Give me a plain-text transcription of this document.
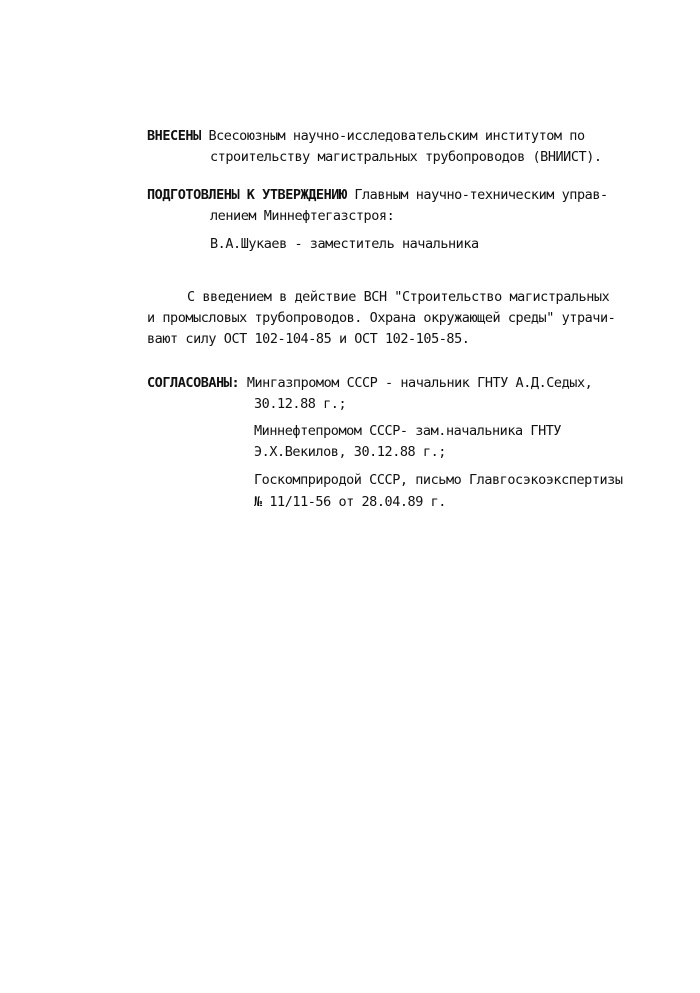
ВНЕСЕНЫ Всесоюзным научно-исследовательским институтом по
строительству магистральных трубопроводов (ВНИИСТ).
ПОДГОТОВЛЕНЫ К УТВЕРЖДЕНИЮ Главным научно-техническим управ-
лением Миннефтегазстроя:
В.А.Шукаев - заместитель начальника
С введением в действие ВСН "Строительство магистральных
и промысловых трубопроводов. Охрана окружающей среды" утрачи-
вают силу ОСТ 102-104-85 и ОСТ 102-105-85.
СОГЛАСОВАНЫ: Мингазпромом СССР - начальник ГНТУ А.Д.Седых,
30.12.88 г.;
Миннефтепромом СССР- зам.начальника ГНТУ
Э.Х.Векилов, 30.12.88 г.;
Госкомприродой СССР, письмо Главгосэкоэкспертизы
№ 11/11-56 от 28.04.89 г.
